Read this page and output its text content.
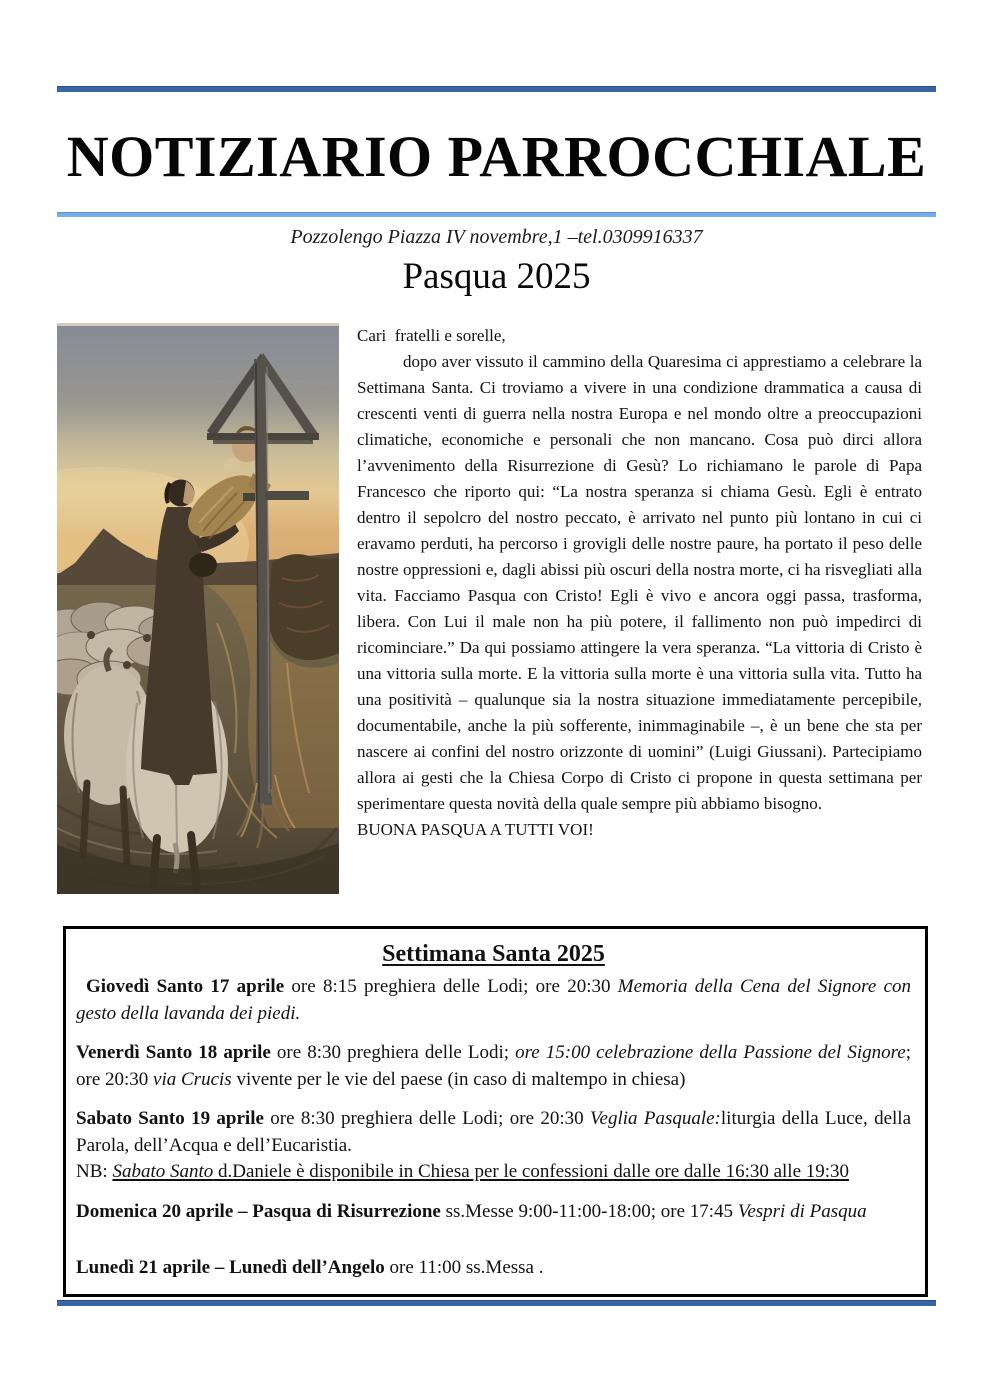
NOTIZIARIO PARROCCHIALE

Pozzolengo Piazza IV novembre,1 –tel.0309916337

Pasqua 2025

Cari  fratelli e sorelle,

dopo aver vissuto il cammino della Quaresima ci apprestiamo a celebrare la Settimana Santa. Ci troviamo a vivere in una condizione drammatica a causa di crescenti venti di guerra nella nostra Europa e nel mondo oltre a preoccupazioni climatiche, economiche e personali che non mancano. Cosa può dirci allora l’avvenimento della Risurrezione di Gesù? Lo richiamano le parole di Papa Francesco che riporto qui: “La nostra speranza si chiama Gesù. Egli è entrato dentro il sepolcro del nostro peccato, è arrivato nel punto più lontano in cui ci eravamo perduti, ha percorso i grovigli delle nostre paure, ha portato il peso delle nostre oppressioni e, dagli abissi più oscuri della nostra morte, ci ha risvegliati alla vita. Facciamo Pasqua con Cristo! Egli è vivo e ancora oggi passa, trasforma, libera. Con Lui il male non ha più potere, il fallimento non può impedirci di ricominciare.” Da qui possiamo attingere la vera speranza. “La vittoria di Cristo è una vittoria sulla morte. E la vittoria sulla morte è una vittoria sulla vita. Tutto ha una positività – qualunque sia la nostra situazione immediatamente percepibile, documentabile, anche la più sofferente, inimmaginabile –, è un bene che sta per nascere ai confini del nostro orizzonte di uomini” (Luigi Giussani). Partecipiamo allora ai gesti che la Chiesa Corpo di Cristo ci propone in questa settimana per sperimentare questa novità della quale sempre più abbiamo bisogno.

BUONA PASQUA A TUTTI VOI!

Settimana Santa 2025

Giovedì Santo 17 aprile ore 8:15 preghiera delle Lodi; ore 20:30 Memoria della Cena del Signore con gesto della lavanda dei piedi.

Venerdì Santo 18 aprile ore 8:30 preghiera delle Lodi; ore 15:00 celebrazione della Passione del Signore; ore 20:30 via Crucis vivente per le vie del paese (in caso di maltempo in chiesa)

Sabato Santo 19 aprile ore 8:30 preghiera delle Lodi; ore 20:30 Veglia Pasquale:liturgia della Luce, della Parola, dell’Acqua e dell’Eucaristia.

NB: Sabato Santo d.Daniele è disponibile in Chiesa per le confessioni dalle ore dalle 16:30 alle 19:30

Domenica 20 aprile – Pasqua di Risurrezione ss.Messe 9:00-11:00-18:00; ore 17:45 Vespri di Pasqua

Lunedì 21 aprile – Lunedì dell’Angelo ore 11:00 ss.Messa .
